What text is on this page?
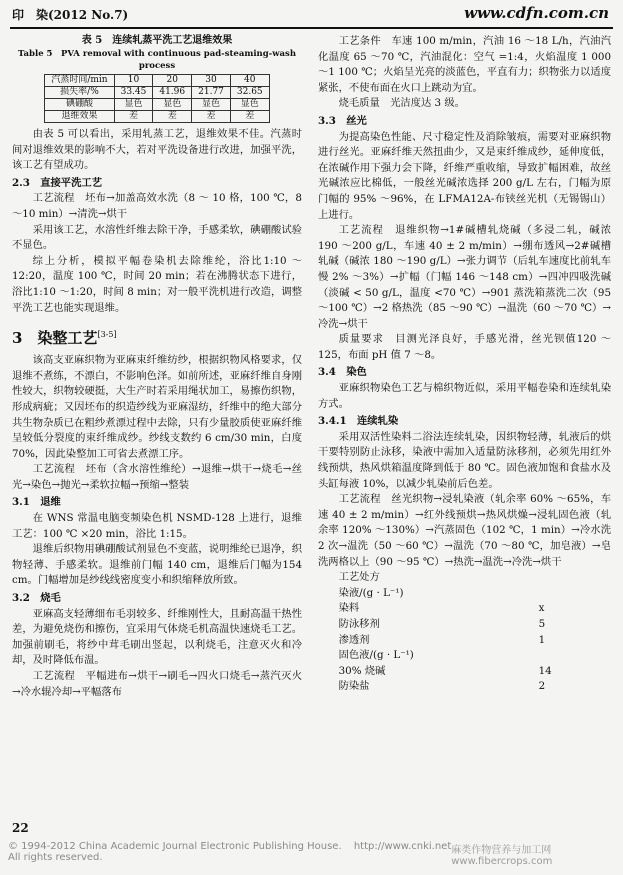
印　染(2012 No.7)	www.cdfn.com.cn
表 5　连续轧蒸平洗工艺退维效果
Table 5　PVA removal with continuous pad-steaming-wash process
汽蒸时间/min	10	20	30	40
损失率/%	33.45	41.96	21.77	32.65
碘硼酸	显色	显色	显色	显色
退维效果	差	差	差	差

由表 5 可以看出，采用轧蒸工艺，退维效果不佳。汽蒸时间对退维效果的影响不大，若对平洗设备进行改进，加强平洗，该工艺有望成功。

2.3　直接平洗工艺

工艺流程　坯布→加盖高效水洗（8 ～ 10 格，100 ℃，8 ～10 min）→清洗→烘干

采用该工艺，水溶性纤维去除干净，手感柔软，碘硼酸试验不显色。

综上分析，模拟平幅卷染机去除维纶，浴比1:10 ～12:20，温度 100 ℃，时间 20 min；若在沸腾状态下进行，浴比1:10 ～1:20，时间 8 min；对一般平洗机进行改造，调整平洗工艺也能实现退维。

3　染整工艺[3-5]

该高支亚麻织物为亚麻束纤维纺纱，根据织物风格要求，仅退维不煮练，不漂白，不影响色泽。如前所述，亚麻纤维自身刚性较大，织物较硬挺，大生产时若采用绳状加工，易擦伤织物，形成病疵；又因坯布的织造纱线为亚麻湿纺，纤维中的绝大部分共生物杂质已在粗纱煮漂过程中去除，只有少量胶质使亚麻纤维呈较低分裂度的束纤维成纱。纱线支数约 6 cm/30 min，白度 70%，因此染整加工可省去煮漂工序。

工艺流程　坯布（含水溶性维纶）→退维→烘干→烧毛→丝光→染色→抛光→柔软拉幅→预缩→整装

3.1　退维

在 WNS 常温电脑变频染色机 NSMD-128 上进行，退维工艺：100 ℃ ×20 min，浴比 1:15。

退维后织物用碘硼酸试剂显色不变蓝，说明维纶已退净，织物轻薄、手感柔软。退维前门幅 140 cm，退维后门幅为154 cm。门幅增加是纱线线密度变小和织缩释放所致。

3.2　烧毛

亚麻高支轻薄细布毛羽较多、纤维刚性大，且耐高温干热性差，为避免烧伤和擦伤，宜采用气体烧毛机高温快速烧毛工艺。加强前刷毛，将纱中茸毛刷出竖起，以利烧毛，注意灭火和冷却，及时降低布温。

工艺流程　平幅进布→烘干→刷毛→四火口烧毛→蒸汽灭火→冷水辊冷却→平幅落布

工艺条件　车速 100 m/min，汽油 16 ～18 L/h，汽油汽化温度 65 ～70 ℃，汽油混化：空气 =1:4，火焰温度 1 000 ～1 100 ℃；火焰呈光亮的淡蓝色，平直有力；织物张力以适度紧张，不使布面在火口上跳动为宜。

烧毛质量　光洁度达 3 级。

3.3　丝光

为提高染色性能、尺寸稳定性及消除皱痕，需要对亚麻织物进行丝光。亚麻纤维天然扭曲少，又是束纤维成纱，延伸度低，在浓碱作用下强力会下降，纤维严重收缩，导致扩幅困难，故丝光碱浓应比棉低，一般丝光碱浓选择 200 g/L 左右，门幅为原门幅的 95% ～96%，在 LFMA12A-布铗丝光机（无锡锡山）上进行。

工艺流程　退维织物→1#碱槽轧烧碱（多浸二轧，碱浓 190 ～200 g/L，车速 40 ± 2 m/min）→绷布透风→2#碱槽轧碱（碱浓 180 ～190 g/L）→张力调节（后轧车速度比前轧车慢 2% ～3%）→扩幅（门幅 146 ～148 cm）→四冲四吸洗碱（淡碱 < 50 g/L，温度 <70 ℃）→901 蒸洗箱蒸洗二次（95 ～100 ℃）→2 格热洗（85 ～90 ℃）→温洗（60 ～70 ℃）→冷洗→烘干

质量要求　目测光泽良好，手感光滑，丝光钡值120 ～125，布面 pH 值 7 ～8。

3.4　染色

亚麻织物染色工艺与棉织物近似，采用平幅卷染和连续轧染方式。

3.4.1　连续轧染

采用双活性染料二浴法连续轧染，因织物轻薄，轧液后的烘干要特别防止泳移，染液中需加入适量防泳移剂，必须先用红外线预烘，热风烘箱温度降到低于 80 ℃。固色液加饱和食盐水及头缸每液 10%，以减少轧染前后色差。

工艺流程　丝光织物→浸轧染液（轧余率 60% ～65%，车速 40 ± 2 m/min）→红外线预烘→热风烘燥→浸轧固色液（轧余率 120% ～130%）→汽蒸固色（102 ℃，1 min）→冷水洗 2 次→温洗（50 ～60 ℃）→温洗（70 ～80 ℃，加皂液）→皂洗两格以上（90 ～95 ℃）→热洗→温洗→冷洗→烘干

工艺处方
染液/(g · L⁻¹)
染料	x
防泳移剂	5
渗透剂	1
固色液/(g · L⁻¹)
30% 烧碱	14
防染盐	2
22
© 1994-2012 China Academic Journal Electronic Publishing House. All rights reserved.
http://www.cnki.net 麻类作物营养与加工网 www.fibercrops.com
